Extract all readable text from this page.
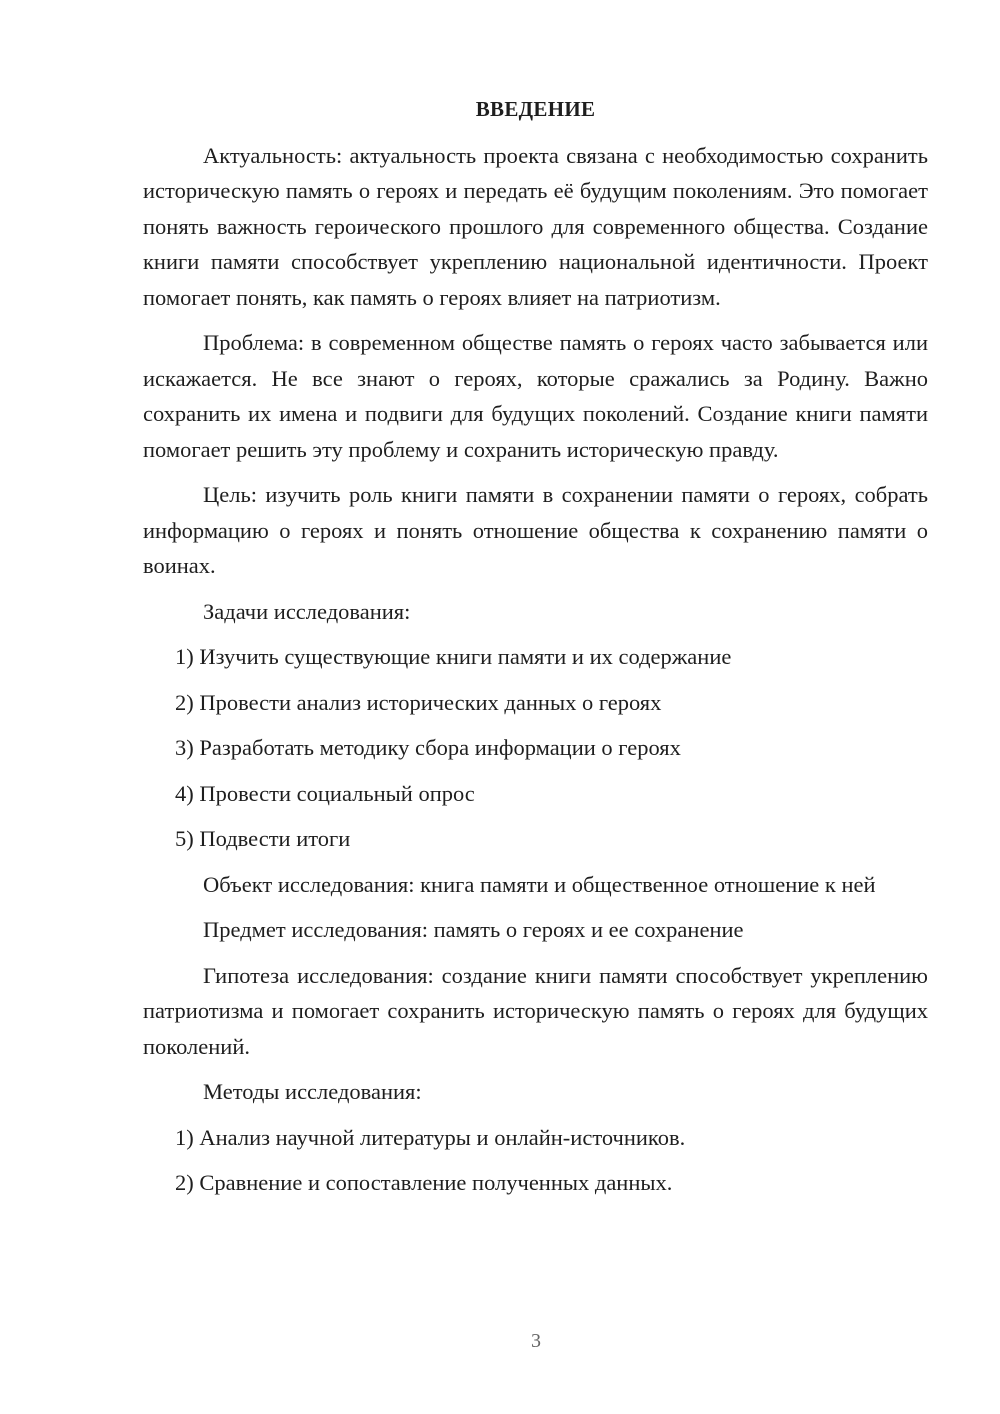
ВВЕДЕНИЕ
Актуальность: актуальность проекта связана с необходимостью сохранить историческую память о героях и передать её будущим поколениям. Это помогает понять важность героического прошлого для современного общества. Создание книги памяти способствует укреплению национальной идентичности. Проект помогает понять, как память о героях влияет на патриотизм.
Проблема: в современном обществе память о героях часто забывается или искажается. Не все знают о героях, которые сражались за Родину. Важно сохранить их имена и подвиги для будущих поколений. Создание книги памяти помогает решить эту проблему и сохранить историческую правду.
Цель: изучить роль книги памяти в сохранении памяти о героях, собрать информацию о героях и понять отношение общества к сохранению памяти о воинах.
Задачи исследования:
1) Изучить существующие книги памяти и их содержание
2) Провести анализ исторических данных о героях
3) Разработать методику сбора информации о героях
4) Провести социальный опрос
5) Подвести итоги
Объект исследования: книга памяти и общественное отношение к ней
Предмет исследования: память о героях и ее сохранение
Гипотеза исследования: создание книги памяти способствует укреплению патриотизма и помогает сохранить историческую память о героях для будущих поколений.
Методы исследования:
1) Анализ научной литературы и онлайн-источников.
2) Сравнение и сопоставление полученных данных.
3
